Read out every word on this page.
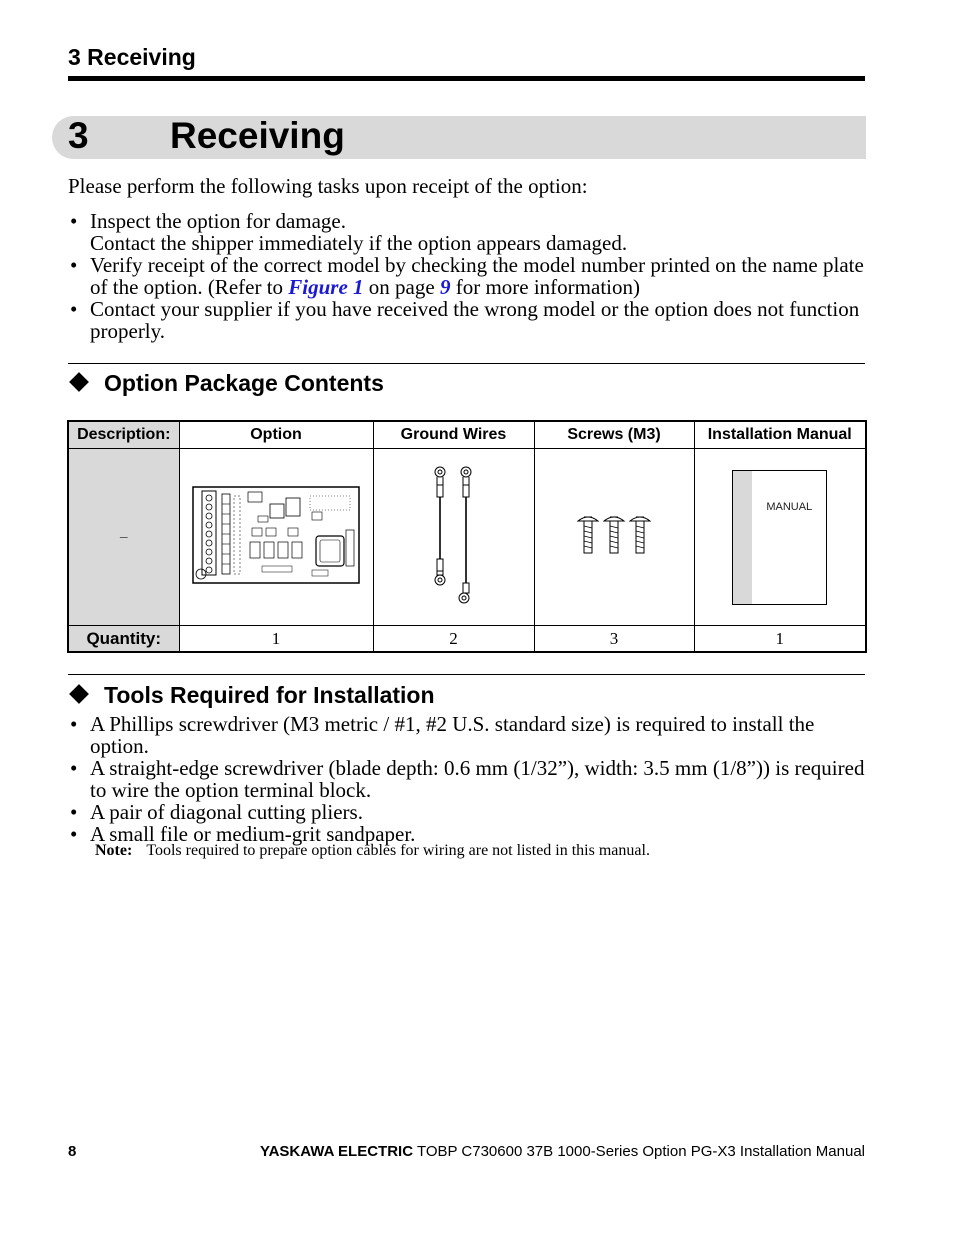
3 Receiving
3 Receiving
Please perform the following tasks upon receipt of the option:
• Inspect the option for damage.
Contact the shipper immediately if the option appears damaged.
• Verify receipt of the correct model by checking the model number printed on the name plate of the option. (Refer to Figure 1 on page 9 for more information)
• Contact your supplier if you have received the wrong model or the option does not function properly.
Option Package Contents
Description:	Option	Ground Wires	Screws (M3)	Installation Manual
–				MANUAL

Quantity:	1	2	3	1
Tools Required for Installation
• A Phillips screwdriver (M3 metric / #1, #2 U.S. standard size) is required to install the option.
• A straight-edge screwdriver (blade depth: 0.6 mm (1/32”), width: 3.5 mm (1/8”)) is required to wire the option terminal block.
• A pair of diagonal cutting pliers.
• A small file or medium-grit sandpaper.
Note: Tools required to prepare option cables for wiring are not listed in this manual.
8	YASKAWA ELECTRIC TOBP C730600 37B 1000-Series Option PG-X3 Installation Manual
